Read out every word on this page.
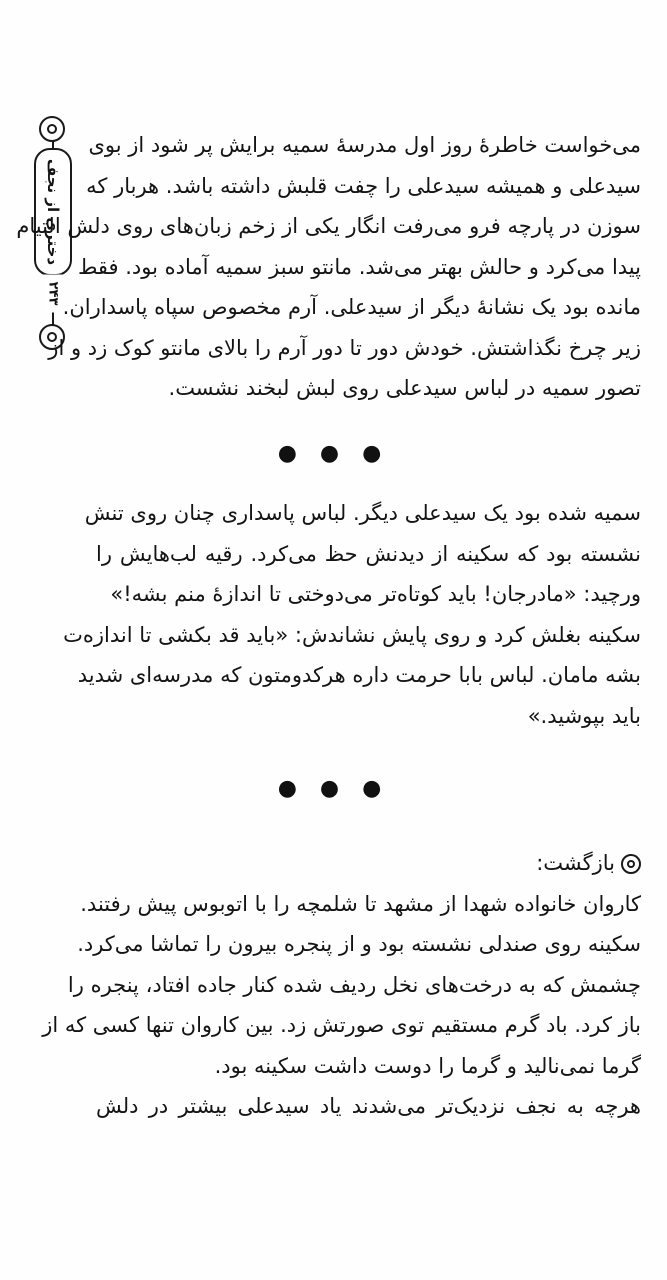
دختری از نجف
۲۴۳
می‌خواست خاطرهٔ روز اول مدرسهٔ سمیه برایش پر شود از بوی
سیدعلی و همیشه سیدعلی را چفت قلبش داشته باشد. هربار که
سوزن در پارچه فرو می‌رفت انگار یکی از زخم زبان‌های روی دلش التیام
پیدا می‌کرد و حالش بهتر می‌شد. مانتو سبز سمیه آماده بود. فقط
مانده بود یک نشانهٔ دیگر از سیدعلی. آرم مخصوص سپاه پاسداران.
زیر چرخ نگذاشتش. خودش دور تا دور آرم را بالای مانتو کوک زد و از
تصور سمیه در لباس سیدعلی روی لبش لبخند نشست.
● ● ●
سمیه شده بود یک سیدعلی دیگر. لباس پاسداری چنان روی تنش
نشسته بود که سکینه از دیدنش حظ می‌کرد. رقیه لب‌هایش را
ورچید: «مادرجان! باید کوتاه‌تر می‌دوختی تا اندازهٔ منم بشه!»
سکینه بغلش کرد و روی پایش نشاندش: «باید قد بکشی تا اندازه‌ت
بشه مامان. لباس بابا حرمت داره هرکدومتون که مدرسه‌ای شدید
باید بپوشید.»
● ● ●
بازگشت:
کاروان خانواده شهدا از مشهد تا شلمچه را با اتوبوس پیش رفتند.
سکینه روی صندلی نشسته بود و از پنجره بیرون را تماشا می‌کرد.
چشمش که به درخت‌های نخل ردیف شده کنار جاده افتاد، پنجره را
باز کرد. باد گرم مستقیم توی صورتش زد. بین کاروان تنها کسی که از
گرما نمی‌نالید و گرما را دوست داشت سکینه بود.
هرچه به نجف نزدیک‌تر می‌شدند یاد سیدعلی بیشتر در دلش
